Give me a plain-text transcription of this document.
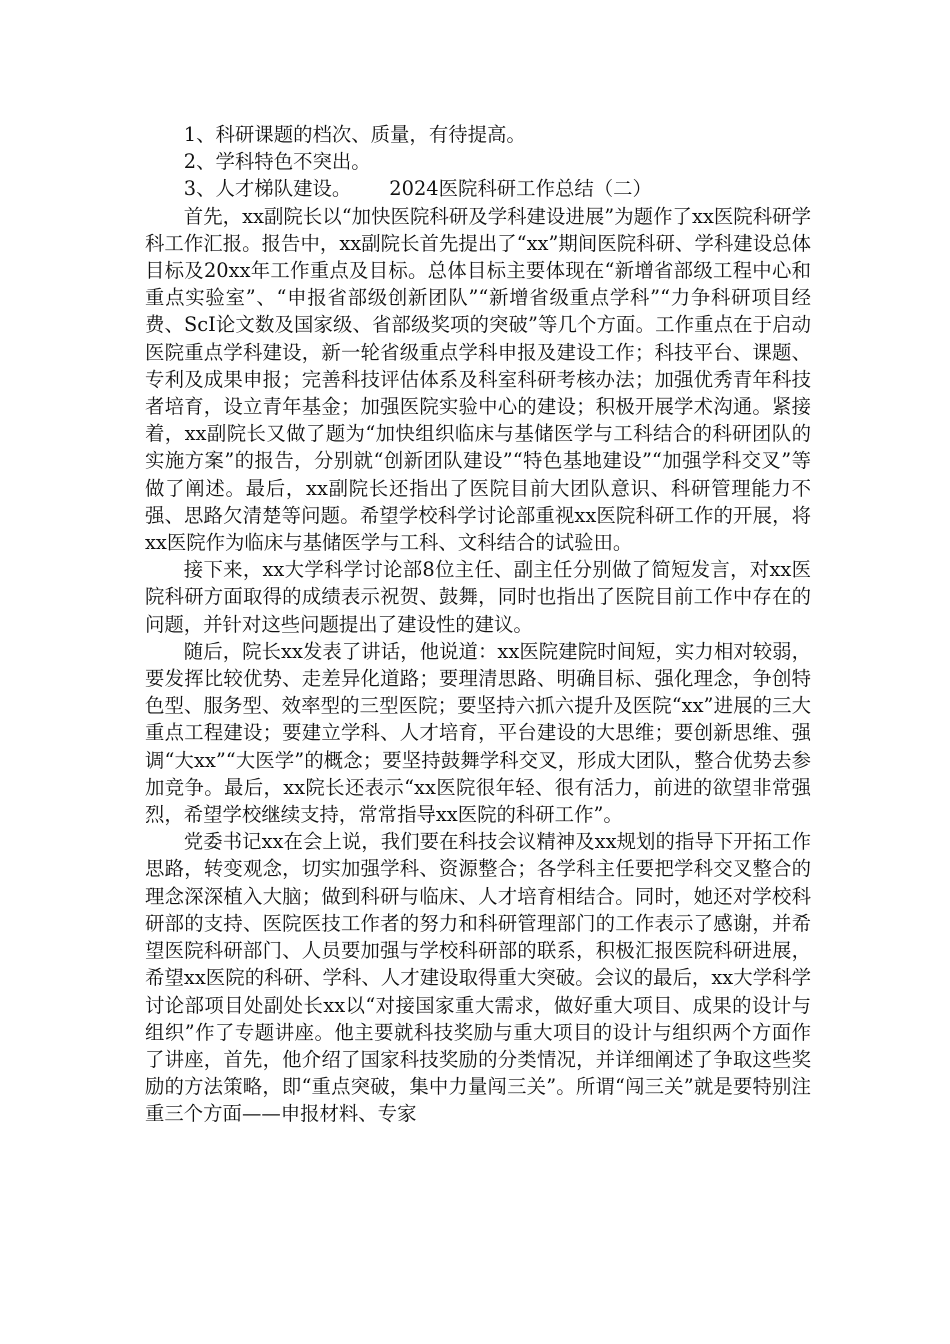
1、科研课题的档次、质量，有待提高。

2、学科特色不突出。

3、人才梯队建设。 2024医院科研工作总结（二）

首先，xx副院长以“加快医院科研及学科建设进展”为题作了xx医院科研学科工作汇报。报告中，xx副院长首先提出了“xx”期间医院科研、学科建设总体目标及20xx年工作重点及目标。总体目标主要体现在“新增省部级工程中心和重点实验室”、“申报省部级创新团队”“新增省级重点学科”“力争科研项目经费、ScI论文数及国家级、省部级奖项的突破”等几个方面。工作重点在于启动医院重点学科建设，新一轮省级重点学科申报及建设工作；科技平台、课题、专利及成果申报；完善科技评估体系及科室科研考核办法；加强优秀青年科技者培育，设立青年基金；加强医院实验中心的建设；积极开展学术沟通。紧接着，xx副院长又做了题为“加快组织临床与基储医学与工科结合的科研团队的实施方案”的报告，分别就“创新团队建设”“特色基地建设”“加强学科交叉”等做了阐述。最后，xx副院长还指出了医院目前大团队意识、科研管理能力不强、思路欠清楚等问题。希望学校科学讨论部重视xx医院科研工作的开展，将xx医院作为临床与基储医学与工科、文科结合的试验田。

接下来，xx大学科学讨论部8位主任、副主任分别做了简短发言，对xx医院科研方面取得的成绩表示祝贺、鼓舞，同时也指出了医院目前工作中存在的问题，并针对这些问题提出了建设性的建议。

随后，院长xx发表了讲话，他说道：xx医院建院时间短，实力相对较弱，要发挥比较优势、走差异化道路；要理清思路、明确目标、强化理念，争创特色型、服务型、效率型的三型医院；要坚持六抓六提升及医院“xx”进展的三大重点工程建设；要建立学科、人才培育，平台建设的大思维；要创新思维、强调“大xx”“大医学”的概念；要坚持鼓舞学科交叉，形成大团队，整合优势去参加竞争。最后，xx院长还表示“xx医院很年轻、很有活力，前进的欲望非常强烈，希望学校继续支持，常常指导xx医院的科研工作”。

党委书记xx在会上说，我们要在科技会议精神及xx规划的指导下开拓工作思路，转变观念，切实加强学科、资源整合；各学科主任要把学科交叉整合的理念深深植入大脑；做到科研与临床、人才培育相结合。同时，她还对学校科研部的支持、医院医技工作者的努力和科研管理部门的工作表示了感谢，并希望医院科研部门、人员要加强与学校科研部的联系，积极汇报医院科研进展，希望xx医院的科研、学科、人才建设取得重大突破。会议的最后，xx大学科学讨论部项目处副处长xx以“对接国家重大需求，做好重大项目、成果的设计与组织”作了专题讲座。他主要就科技奖励与重大项目的设计与组织两个方面作了讲座，首先，他介绍了国家科技奖励的分类情况，并详细阐述了争取这些奖励的方法策略，即“重点突破，集中力量闯三关”。所谓“闯三关”就是要特别注重三个方面——申报材料、专家
